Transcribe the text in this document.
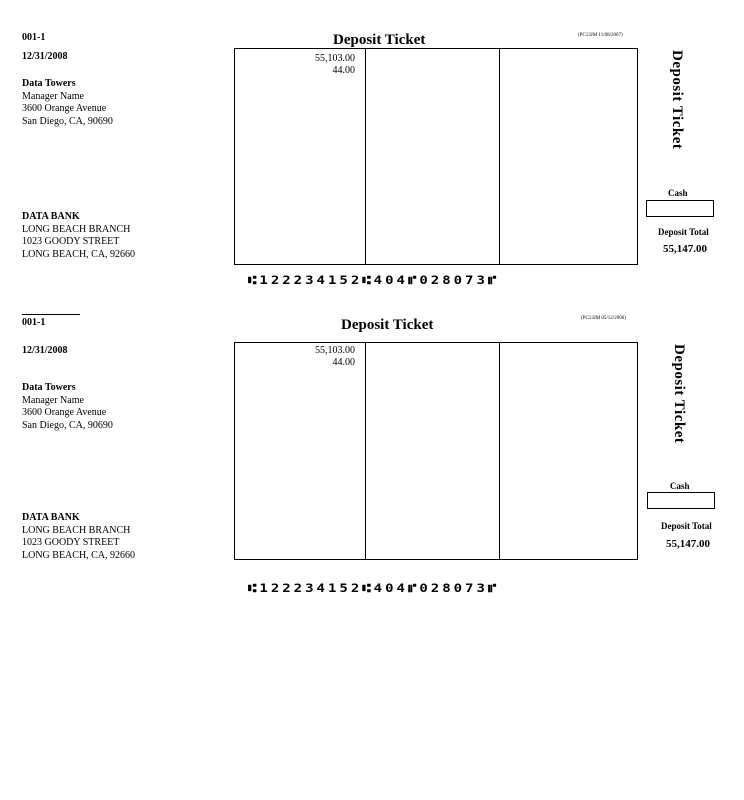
001-1
12/31/2008
Data Towers
Manager Name
3600 Orange Avenue
San Diego, CA, 90690
DATA BANK
LONG BEACH BRANCH
1023 GOODY STREET
LONG BEACH, CA, 92660
Deposit Ticket	(PC13JM 11/08/2007)
55,103.00
44.00	Deposit Ticket
Cash
Deposit Total
55,147.00
⑆122234152⑆404⑈028073⑈
001-1
12/31/2008
Data Towers
Manager Name
3600 Orange Avenue
San Diego, CA, 90690
DATA BANK
LONG BEACH BRANCH
1023 GOODY STREET
LONG BEACH, CA, 92660
Deposit Ticket	(PC13JM 05/12/2006)
55,103.00
44.00	Deposit Ticket
Cash
Deposit Total
55,147.00
⑆122234152⑆404⑈028073⑈
